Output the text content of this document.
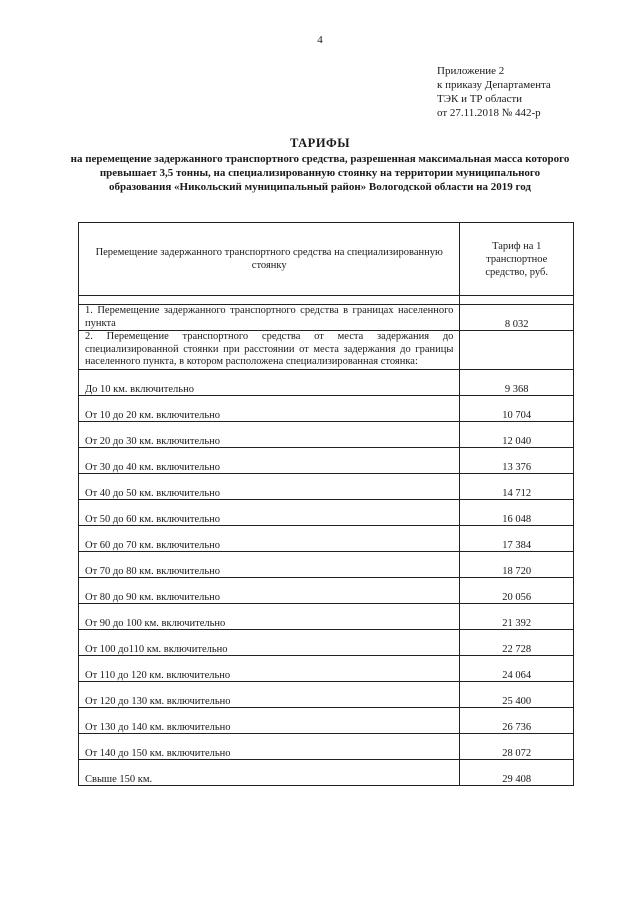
4
Приложение 2
к приказу Департамента
ТЭК и ТР области
от 27.11.2018 № 442-р
ТАРИФЫ
на перемещение задержанного транспортного средства, разрешенная максимальная масса которого превышает 3,5 тонны, на специализированную стоянку на территории муниципального образования «Никольский муниципальный район» Вологодской области на 2019 год
Перемещение задержанного транспортного средства на специализированную стоянку	Тариф на 1 транспортное средство, руб.

1. Перемещение задержанного транспортного средства в границах населенного пункта	8 032
2. Перемещение транспортного средства от места задержания до специализированной стоянки при расстоянии от места задержания до границы населенного пункта, в котором расположена специализированная стоянка:	
До 10 км. включительно	9 368
От 10 до 20 км. включительно	10 704
От 20 до 30 км. включительно	12 040
От 30 до 40 км. включительно	13 376
От 40 до 50 км. включительно	14 712
От 50 до 60 км. включительно	16 048
От 60 до 70 км. включительно	17 384
От 70 до 80 км. включительно	18 720
От 80 до 90 км. включительно	20 056
От 90 до 100 км. включительно	21 392
От 100 до110 км. включительно	22 728
От 110 до 120 км. включительно	24 064
От 120 до 130 км. включительно	25 400
От 130 до 140 км. включительно	26 736
От 140 до 150 км. включительно	28 072
Свыше 150 км.	29 408
